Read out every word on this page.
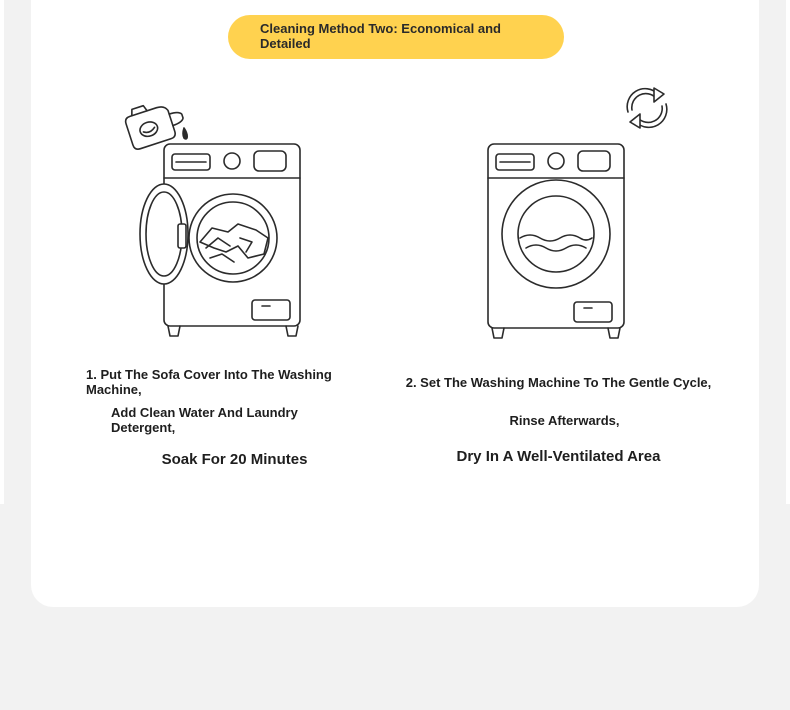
Cleaning Method Two: Economical and Detailed
1. Put The Sofa Cover Into The Washing Machine,
Add Clean Water And Laundry Detergent,
Soak For 20 Minutes
2. Set The Washing Machine To The Gentle Cycle,
Rinse Afterwards,
Dry In A Well-Ventilated Area
